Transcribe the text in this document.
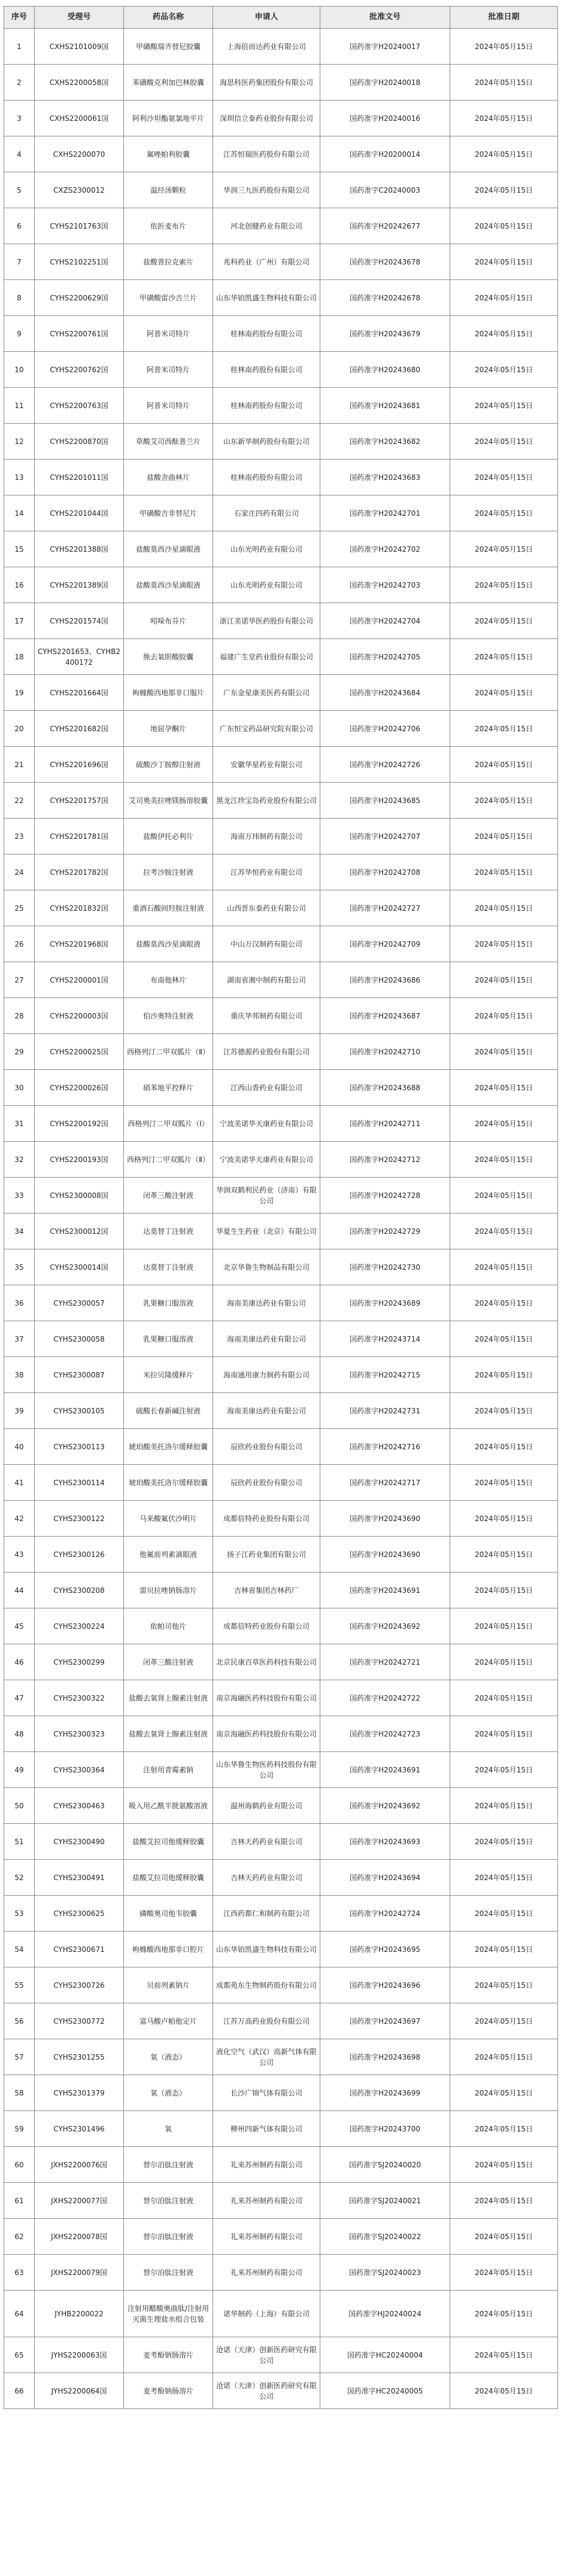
序号	受理号	药品名称	申请人	批准文号	批准日期
1	CXHS2101009国	甲磺酸瑞齐替尼胶囊	上海倍而达药业有限公司	国药准字H20240017	2024年05月15日
2	CXHS2200058国	苯磺酸克利加巴林胶囊	海思科医药集团股份有限公司	国药准字H20240018	2024年05月15日
3	CXHS2200061国	阿利沙坦酯氨氯地平片	深圳信立泰药业股份有限公司	国药准字H20240016	2024年05月15日
4	CXHS2200070	氟唑帕利胶囊	江苏恒瑞医药股份有限公司	国药准字H20200014	2024年05月15日
5	CXZS2300012	温经汤颗粒	华润三九医药股份有限公司	国药准字C20240003	2024年05月15日
6	CYHS2101763国	依折麦布片	河北创健药业有限公司	国药准字H20242677	2024年05月15日
7	CYHS2102251国	盐酸普拉克索片	兆科药业（广州）有限公司	国药准字H20243678	2024年05月15日
8	CYHS2200629国	甲磺酸雷沙吉兰片	山东华铂凯盛生物科技有限公司	国药准字H20242678	2024年05月15日
9	CYHS2200761国	阿普米司特片	桂林南药股份有限公司	国药准字H20243679	2024年05月15日
10	CYHS2200762国	阿普米司特片	桂林南药股份有限公司	国药准字H20243680	2024年05月15日
11	CYHS2200763国	阿普米司特片	桂林南药股份有限公司	国药准字H20243681	2024年05月15日
12	CYHS2200870国	草酸艾司西酞普兰片	山东新华制药股份有限公司	国药准字H20243682	2024年05月15日
13	CYHS2201011国	盐酸舍曲林片	桂林南药股份有限公司	国药准字H20243683	2024年05月15日
14	CYHS2201044国	甲磺酸吉非替尼片	石家庄四药有限公司	国药准字H20242701	2024年05月15日
15	CYHS2201388国	盐酸莫西沙星滴眼液	山东光明药业有限公司	国药准字H20242702	2024年05月15日
16	CYHS2201389国	盐酸莫西沙星滴眼液	山东光明药业有限公司	国药准字H20242703	2024年05月15日
17	CYHS2201574国	吲哚布芬片	浙江美诺华医药股份有限公司	国药准字H20242704	2024年05月15日
18	CYHS2201653、CYHB2400172	熊去氧胆酸胶囊	福建广生堂药业股份有限公司	国药准字H20242705	2024年05月15日
19	CYHS2201664国	枸橼酸西地那非口服片	广东金星康美医药有限公司	国药准字H20243684	2024年05月15日
20	CYHS2201682国	地屈孕酮片	广东恒宝药品研究院有限公司	国药准字H20242706	2024年05月15日
21	CYHS2201696国	硫酸沙丁胺醇注射液	安徽华星药业有限公司	国药准字H20242726	2024年05月15日
22	CYHS2201757国	艾司奥美拉唑镁肠溶胶囊	黑龙江珍宝岛药业股份有限公司	国药准字H20243685	2024年05月15日
23	CYHS2201781国	盐酸伊托必利片	海南万玮制药有限公司	国药准字H20242707	2024年05月15日
24	CYHS2201782国	拉考沙胺注射液	江苏华恒药业有限公司	国药准字H20242708	2024年05月15日
25	CYHS2201832国	重酒石酸间羟胺注射液	山西晋东泰药业有限公司	国药准字H20242727	2024年05月15日
26	CYHS2201968国	盐酸莫西沙星滴眼液	中山万汉制药有限公司	国药准字H20242709	2024年05月15日
27	CYHS2200001国	布南他林片	湖南省湘中制药有限公司	国药准字H20243686	2024年05月15日
28	CYHS2200003国	伯沙奥特注射液	重庆华邦制药有限公司	国药准字H20243687	2024年05月15日
29	CYHS2200025国	西格列汀二甲双胍片（Ⅱ）	江苏德源药业股份有限公司	国药准字H20242710	2024年05月15日
30	CYHS2200026国	硝苯地平控释片	江西山香药业有限公司	国药准字H20243688	2024年05月15日
31	CYHS2200192国	西格列汀二甲双胍片（Ⅰ）	宁波美诺华天康药业有限公司	国药准字H20242711	2024年05月15日
32	CYHS2200193国	西格列汀二甲双胍片（Ⅱ）	宁波美诺华天康药业有限公司	国药准字H20242712	2024年05月15日
33	CYHS2300008国	闭革三酸注射液	华润双鹤利民药业（济南）有限公司	国药准字H20242728	2024年05月15日
34	CYHS2300012国	达莫替丁注射液	华夏生生药业（北京）有限公司	国药准字H20242729	2024年05月15日
35	CYHS2300014国	达莫替丁注射液	北京华鲁生物制品有限公司	国药准字H20242730	2024年05月15日
36	CYHS2300057	乳果糖口服溶液	海南美康达药业有限公司	国药准字H20243689	2024年05月15日
37	CYHS2300058	乳果糖口服溶液	海南美康达药业有限公司	国药准字H20243714	2024年05月15日
38	CYHS2300087	米拉贝隆缓释片	海南通用康力制药有限公司	国药准字H20242715	2024年05月15日
39	CYHS2300105	硫酸长春新碱注射液	海南美康达药业有限公司	国药准字H20242731	2024年05月15日
40	CYHS2300113	琥珀酸美托洛尔缓释胶囊	辰欣药业股份有限公司	国药准字H20242716	2024年05月15日
41	CYHS2300114	琥珀酸美托洛尔缓释胶囊	辰欣药业股份有限公司	国药准字H20242717	2024年05月15日
42	CYHS2300122	马来酸氟伏沙明片	成都倍特药业股份有限公司	国药准字H20243690	2024年05月15日
43	CYHS2300126	他氟前列素滴眼液	扬子江药业集团有限公司	国药准字H20243690	2024年05月15日
44	CYHS2300208	雷贝拉唑钠肠溶片	吉林省集团吉林药厂	国药准字H20243691	2024年05月15日
45	CYHS2300224	依帕司他片	成都倍特药业股份有限公司	国药准字H20243692	2024年05月15日
46	CYHS2300299	闭革三酸注射液	北京民康百草医药科技有限公司	国药准字H20242721	2024年05月15日
47	CYHS2300322	盐酸去氧肾上腺素注射液	南京海融医药科技股份有限公司	国药准字H20242722	2024年05月15日
48	CYHS2300323	盐酸去氧肾上腺素注射液	南京海融医药科技股份有限公司	国药准字H20242723	2024年05月15日
49	CYHS2300364	注射用青霉素钠	山东华鲁生物医药科技股份有限公司	国药准字H20243691	2024年05月15日
50	CYHS2300463	吸入用乙酰半胱氨酸溶液	温州海鹤药业有限公司	国药准字H20243692	2024年05月15日
51	CYHS2300490	盐酸艾拉司他缓释胶囊	吉林天药药业有限公司	国药准字H20243693	2024年05月15日
52	CYHS2300491	盐酸艾拉司他缓释胶囊	吉林天药药业有限公司	国药准字H20243694	2024年05月15日
53	CYHS2300625	磷酸奥司他韦胶囊	江西药都仁和制药有限公司	国药准字H20242724	2024年05月15日
54	CYHS2300671	枸橼酸西地那非口腔片	山东华铂凯盛生物科技有限公司	国药准字H20243695	2024年05月15日
55	CYHS2300726	贝前列素钠片	成都苑东生物制药股份有限公司	国药准字H20243696	2024年05月15日
56	CYHS2300772	富马酸卢帕他定片	江苏万高药业股份有限公司	国药准字H20243697	2024年05月15日
57	CYHS2301255	氧（液态）	液化空气（武汉）高新气体有限公司	国药准字H20243698	2024年05月15日
58	CYHS2301379	氧（液态）	长沙广锦气体有限公司	国药准字H20243699	2024年05月15日
59	CYHS2301496	氧	柳州四新气体有限公司	国药准字H20243700	2024年05月15日
60	JXHS2200076国	替尔泊肽注射液	礼来苏州制药有限公司	国药准字SJ20240020	2024年05月15日
61	JXHS2200077国	替尔泊肽注射液	礼来苏州制药有限公司	国药准字SJ20240021	2024年05月15日
62	JXHS2200078国	替尔泊肽注射液	礼来苏州制药有限公司	国药准字SJ20240022	2024年05月15日
63	JXHS2200079国	替尔泊肽注射液	礼来苏州制药有限公司	国药准字SJ20240023	2024年05月15日
64	JYHB2200022	注射用醋酸奥曲肽/注射用灭菌生理盐水组合包装	诺华制药（上海）有限公司	国药准字HJ20240024	2024年05月15日
65	JYHS2200063国	麦考酚钠肠溶片	沧诺（天津）创新医药研究有限公司	国药准字HC20240004	2024年05月15日
66	JYHS2200064国	麦考酚钠肠溶片	沧诺（天津）创新医药研究有限公司	国药准字HC20240005	2024年05月15日
